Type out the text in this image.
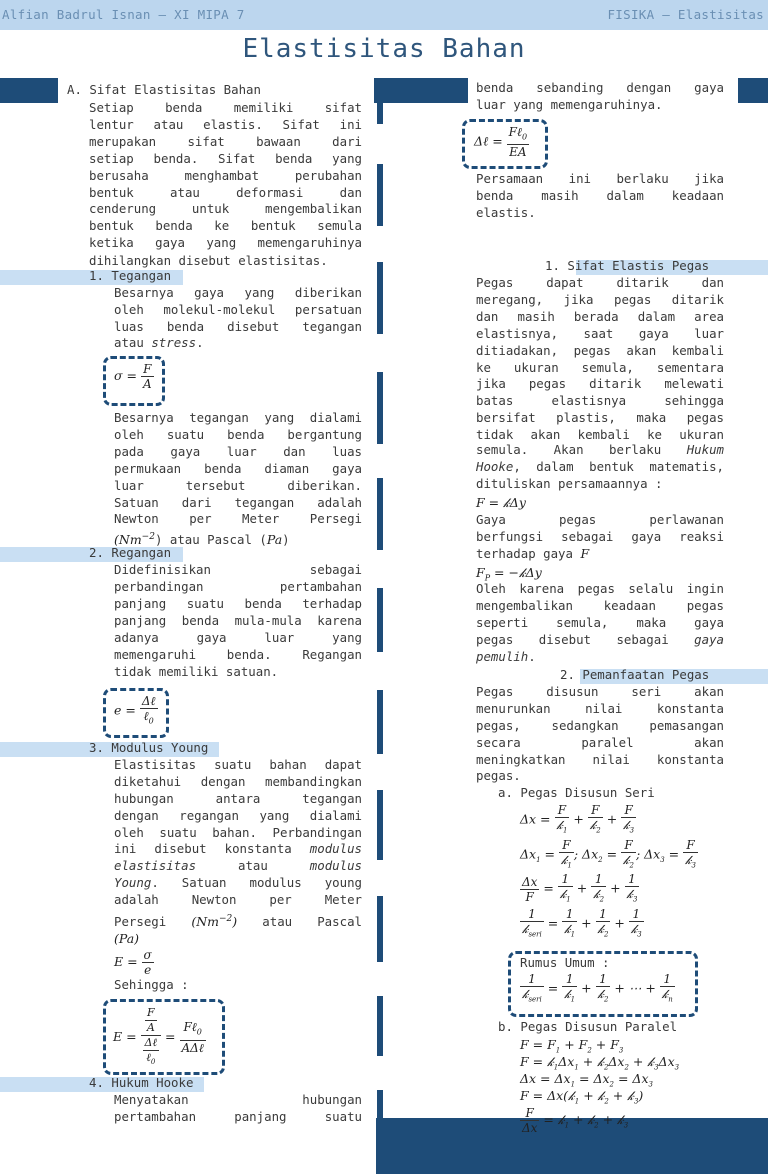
Alfian Badrul Isnan – XI MIPA 7	FISIKA – Elastisitas
Elastisitas Bahan
A. Sifat Elastisitas Bahan
Setiap benda memiliki sifat
lentur atau elastis. Sifat ini
merupakan sifat bawaan dari
setiap benda. Sifat benda yang
berusaha menghambat perubahan
bentuk atau deformasi dan
cenderung untuk mengembalikan
bentuk benda ke bentuk semula
ketika gaya yang memengaruhinya
dihilangkan disebut elastisitas.
1. Tegangan
Besarnya gaya yang diberikan
oleh molekul-molekul persatuan
luas benda disebut tegangan
atau stress.
$\sigma = \frac{F}{A}$
Besarnya tegangan yang dialami
oleh suatu benda bergantung
pada gaya luar dan luas
permukaan benda diaman gaya
luar tersebut diberikan.
Satuan dari tegangan adalah
Newton per Meter Persegi
$(Nm^{-2})$ atau Pascal (Pa)
2. Regangan
Didefinisikan sebagai
perbandingan pertambahan
panjang suatu benda terhadap
panjang benda mula-mula karena
adanya gaya luar yang
memengaruhi benda. Regangan
tidak memiliki satuan.
$e = \frac{\text{Δℓ}}{\ell_0}$
3. Modulus Young
Elastisitas suatu bahan dapat
diketahui dengan membandingkan
hubungan antara tegangan
dengan regangan yang dialami
oleh suatu bahan. Perbandingan
ini disebut konstanta modulus
elastisitas	atau	modulus
Young. Satuan modulus young
adalah Newton per Meter
Persegi $(Nm^{-2})$ atau Pascal
(Pa)
$E = \frac{\sigma}{e}$
Sehingga :
$E = \frac{\frac{F}{A}}{\frac{\text{Δℓ}}{\ell_0}} = \frac{F\ell_0}{\text{AΔℓ}}$
4. Hukum Hooke
Menyatakan hubungan
pertambahan panjang suatu
benda sebanding dengan gaya
luar yang memengaruhinya.
Δℓ = $\frac{F\ell_0}{EA}$
Persamaan ini berlaku jika
benda masih dalam keadaan
elastis.
1. Sifat Elastis Pegas
Pegas dapat ditarik dan
meregang, jika pegas ditarik
dan masih berada dalam area
elastisnya, saat gaya luar
ditiadakan, pegas akan kembali
ke ukuran semula, sementara
jika pegas ditarik melewati
batas elastisnya sehingga
bersifat plastis, maka pegas
tidak akan kembali ke ukuran
semula. Akan berlaku Hukum
Hooke, dalam bentuk matematis,
dituliskan persamaannya :
F = 𝓀Δy
Gaya pegas perlawanan
berfungsi sebagai gaya reaksi
terhadap gaya F
$F_P$ = −𝓀Δy
Oleh karena pegas selalu ingin
mengembalikan keadaan pegas
seperti semula, maka gaya
pegas disebut sebagai gaya
pemulih.
2. Pemanfaatan Pegas
Pegas disusun seri akan
menurunkan nilai konstanta
pegas, sedangkan pemasangan
secara paralel akan
meningkatkan nilai konstanta
pegas.
a. Pegas Disusun Seri
$\Delta x = \frac{F}{𝓀_1} + \frac{F}{𝓀_2} + \frac{F}{𝓀_3}$
$\Delta x_1 = \frac{F}{𝓀_1}$ ; $\Delta x_2 = \frac{F}{𝓀_2}$ ; $\Delta x_3 = \frac{F}{𝓀_3}$
$\frac{\Delta x}{F} = \frac{1}{𝓀_1} + \frac{1}{𝓀_2} + \frac{1}{𝓀_3}$
$\frac{1}{𝓀_{seri}} = \frac{1}{𝓀_1} + \frac{1}{𝓀_2} + \frac{1}{𝓀_3}$
Rumus Umum :
$\frac{1}{𝓀_{seri}} = \frac{1}{𝓀_1} + \frac{1}{𝓀_2}$ + ⋯ + $\frac{1}{𝓀_n}$
b. Pegas Disusun Paralel
$F = F_1 + F_2 + F_3$
$F = 𝓀_1\Delta x_1$ + $𝓀_2\Delta x_2$ + $𝓀_3\Delta x_3$
$\Delta x = \Delta x_1 = \Delta x_2 = \Delta x_3$
F = Δx(𝓀$_1$ + 𝓀$_2$ + 𝓀$_3$)
$\frac{F}{\Delta x}$ = 𝓀$_1$ + 𝓀$_2$ + 𝓀$_3$
